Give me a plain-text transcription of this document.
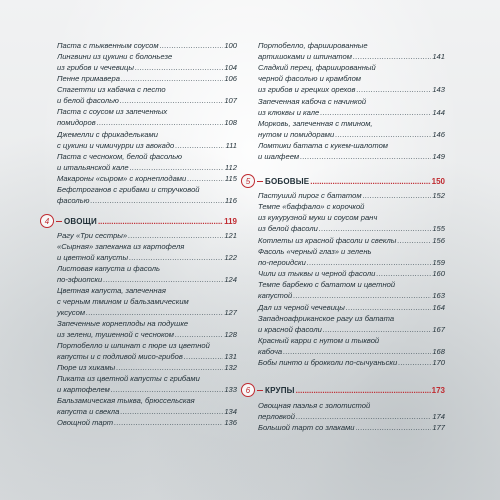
Паста с тыквенным соусом .....	100
Лингвини из цукини с болоньезе
из грибов и чечевицы .....	104
Пенне примавера .....	106
Спагетти из кабачка с песто
и белой фасолью .....	107
Паста с соусом из запеченных
помидоров .....	108
Джемелли с фрикадельками
с цукини и чимичурри из авокадо .....	111
Паста с чесноком, белой фасолью
и итальянской кале .....	112
Макароны «сыром» с корнеплодами .....	115
Бефстроганов с грибами и стручковой
фасолью .....	116
4	ОВОЩИ .....	119
Рагу «Три сестры» .....	121
«Сырная» запеканка из картофеля
и цветной капусты .....	122
Листовая капуста и фасоль
по-эфиопски .....	124
Цветная капуста, запеченная
с черным тмином и бальзамическим
уксусом .....	127
Запеченные корнеплоды на подушке
из зелени, тушенной с чесноком .....	128
Портобелло и шпинат с пюре из цветной
капусты и с подливой мисо-грибов .....	131
Пюре из хикамы .....	132
Пиката из цветной капусты с грибами
и картофелем .....	133
Бальзамическая тыква, брюссельская
капуста и свекла .....	134
Овощной тарт .....	136
Портобелло, фаршированные
артишоками и шпинатом .....	141
Сладкий перец, фаршированный
черной фасолью и крамблом
из грибов и грецких орехов .....	143
Запеченная кабоча с начинкой
из клюквы и кале .....	144
Морковь, запеченная с тмином,
нутом и помидорами .....	146
Ломтики батата с кукем-шалотом
и шалфеем .....	149
5	БОБОВЫЕ .....	150
Пастуший пирог с бататом .....	152
Темпе «баффало» с корочкой
из кукурузной муки и соусом ранч
из белой фасоли .....	155
Котлеты из красной фасоли и свеклы .....	156
Фасоль «черный глаз» и зелень
по-пероидски .....	159
Чили из тыквы и черной фасоли .....	160
Темпе барбекю с бататом и цветной
капустой .....	163
Дал из черной чечевицы .....	164
Западноафриканское рагу из батата
и красной фасоли .....	167
Красный карри с нутом и тыквой
кабоча .....	168
Бобы пинто и брокколи по-сычуаньски .....	170
6	КРУПЫ .....	173
Овощная паэлья с золотистой
перловкой .....	174
Большой тарт со злаками .....	177
